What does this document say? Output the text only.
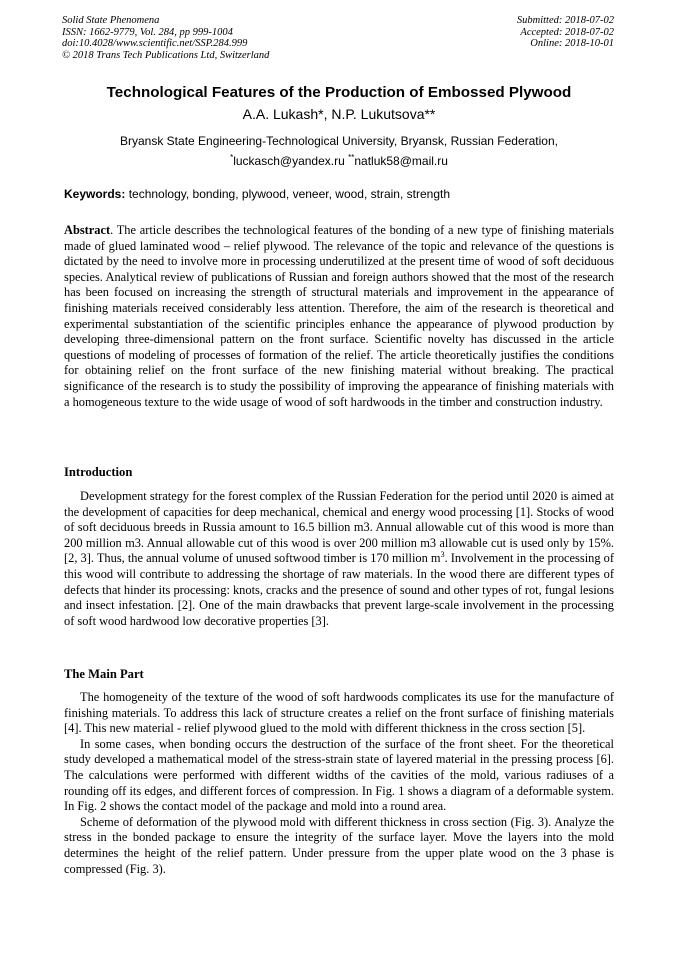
Solid State Phenomena
ISSN: 1662-9779, Vol. 284, pp 999-1004
doi:10.4028/www.scientific.net/SSP.284.999
© 2018 Trans Tech Publications Ltd, Switzerland
Submitted: 2018-07-02
Accepted: 2018-07-02
Online: 2018-10-01
Technological Features of the Production of Embossed Plywood
A.A. Lukash*, N.P. Lukutsova**
Bryansk State Engineering-Technological University, Bryansk, Russian Federation,
*luckasch@yandex.ru **natluk58@mail.ru
Keywords: technology, bonding, plywood, veneer, wood, strain, strength

Abstract. The article describes the technological features of the bonding of a new type of finishing materials made of glued laminated wood – relief plywood. The relevance of the topic and relevance of the questions is dictated by the need to involve more in processing underutilized at the present time of wood of soft deciduous species. Analytical review of publications of Russian and foreign authors showed that the most of the research has been focused on increasing the strength of structural materials and improvement in the appearance of finishing materials received considerably less attention. Therefore, the aim of the research is theoretical and experimental substantiation of the scientific principles enhance the appearance of plywood production by developing three-dimensional pattern on the front surface. Scientific novelty has discussed in the article questions of modeling of processes of formation of the relief. The article theoretically justifies the conditions for obtaining relief on the front surface of the new finishing material without breaking. The practical significance of the research is to study the possibility of improving the appearance of finishing materials with a homogeneous texture to the wide usage of wood of soft hardwoods in the timber and construction industry.

Introduction

Development strategy for the forest complex of the Russian Federation for the period until 2020 is aimed at the development of capacities for deep mechanical, chemical and energy wood processing [1]. Stocks of wood of soft deciduous breeds in Russia amount to 16.5 billion m3. Annual allowable cut of this wood is more than 200 million m3. Annual allowable cut of this wood is over 200 million m3 allowable cut is used only by 15%. [2, 3]. Thus, the annual volume of unused softwood timber is 170 million $m^3$. Involvement in the processing of this wood will contribute to addressing the shortage of raw materials. In the wood there are different types of defects that hinder its processing: knots, cracks and the presence of sound and other types of rot, fungal lesions and insect infestation. [2]. One of the main drawbacks that prevent large-scale involvement in the processing of soft wood hardwood low decorative properties [3].

The Main Part

The homogeneity of the texture of the wood of soft hardwoods complicates its use for the manufacture of finishing materials. To address this lack of structure creates a relief on the front surface of finishing materials [4]. This new material - relief plywood glued to the mold with different thickness in the cross section [5].

In some cases, when bonding occurs the destruction of the surface of the front sheet. For the theoretical study developed a mathematical model of the stress-strain state of layered material in the pressing process [6]. The calculations were performed with different widths of the cavities of the mold, various radiuses of a rounding off its edges, and different forces of compression. In Fig. 1 shows a diagram of a deformable system. In Fig. 2 shows the contact model of the package and mold into a round area.

Scheme of deformation of the plywood mold with different thickness in cross section (Fig. 3). Analyze the stress in the bonded package to ensure the integrity of the surface layer. Move the layers into the mold determines the height of the relief pattern. Under pressure from the upper plate wood on the 3 phase is compressed (Fig. 3).
